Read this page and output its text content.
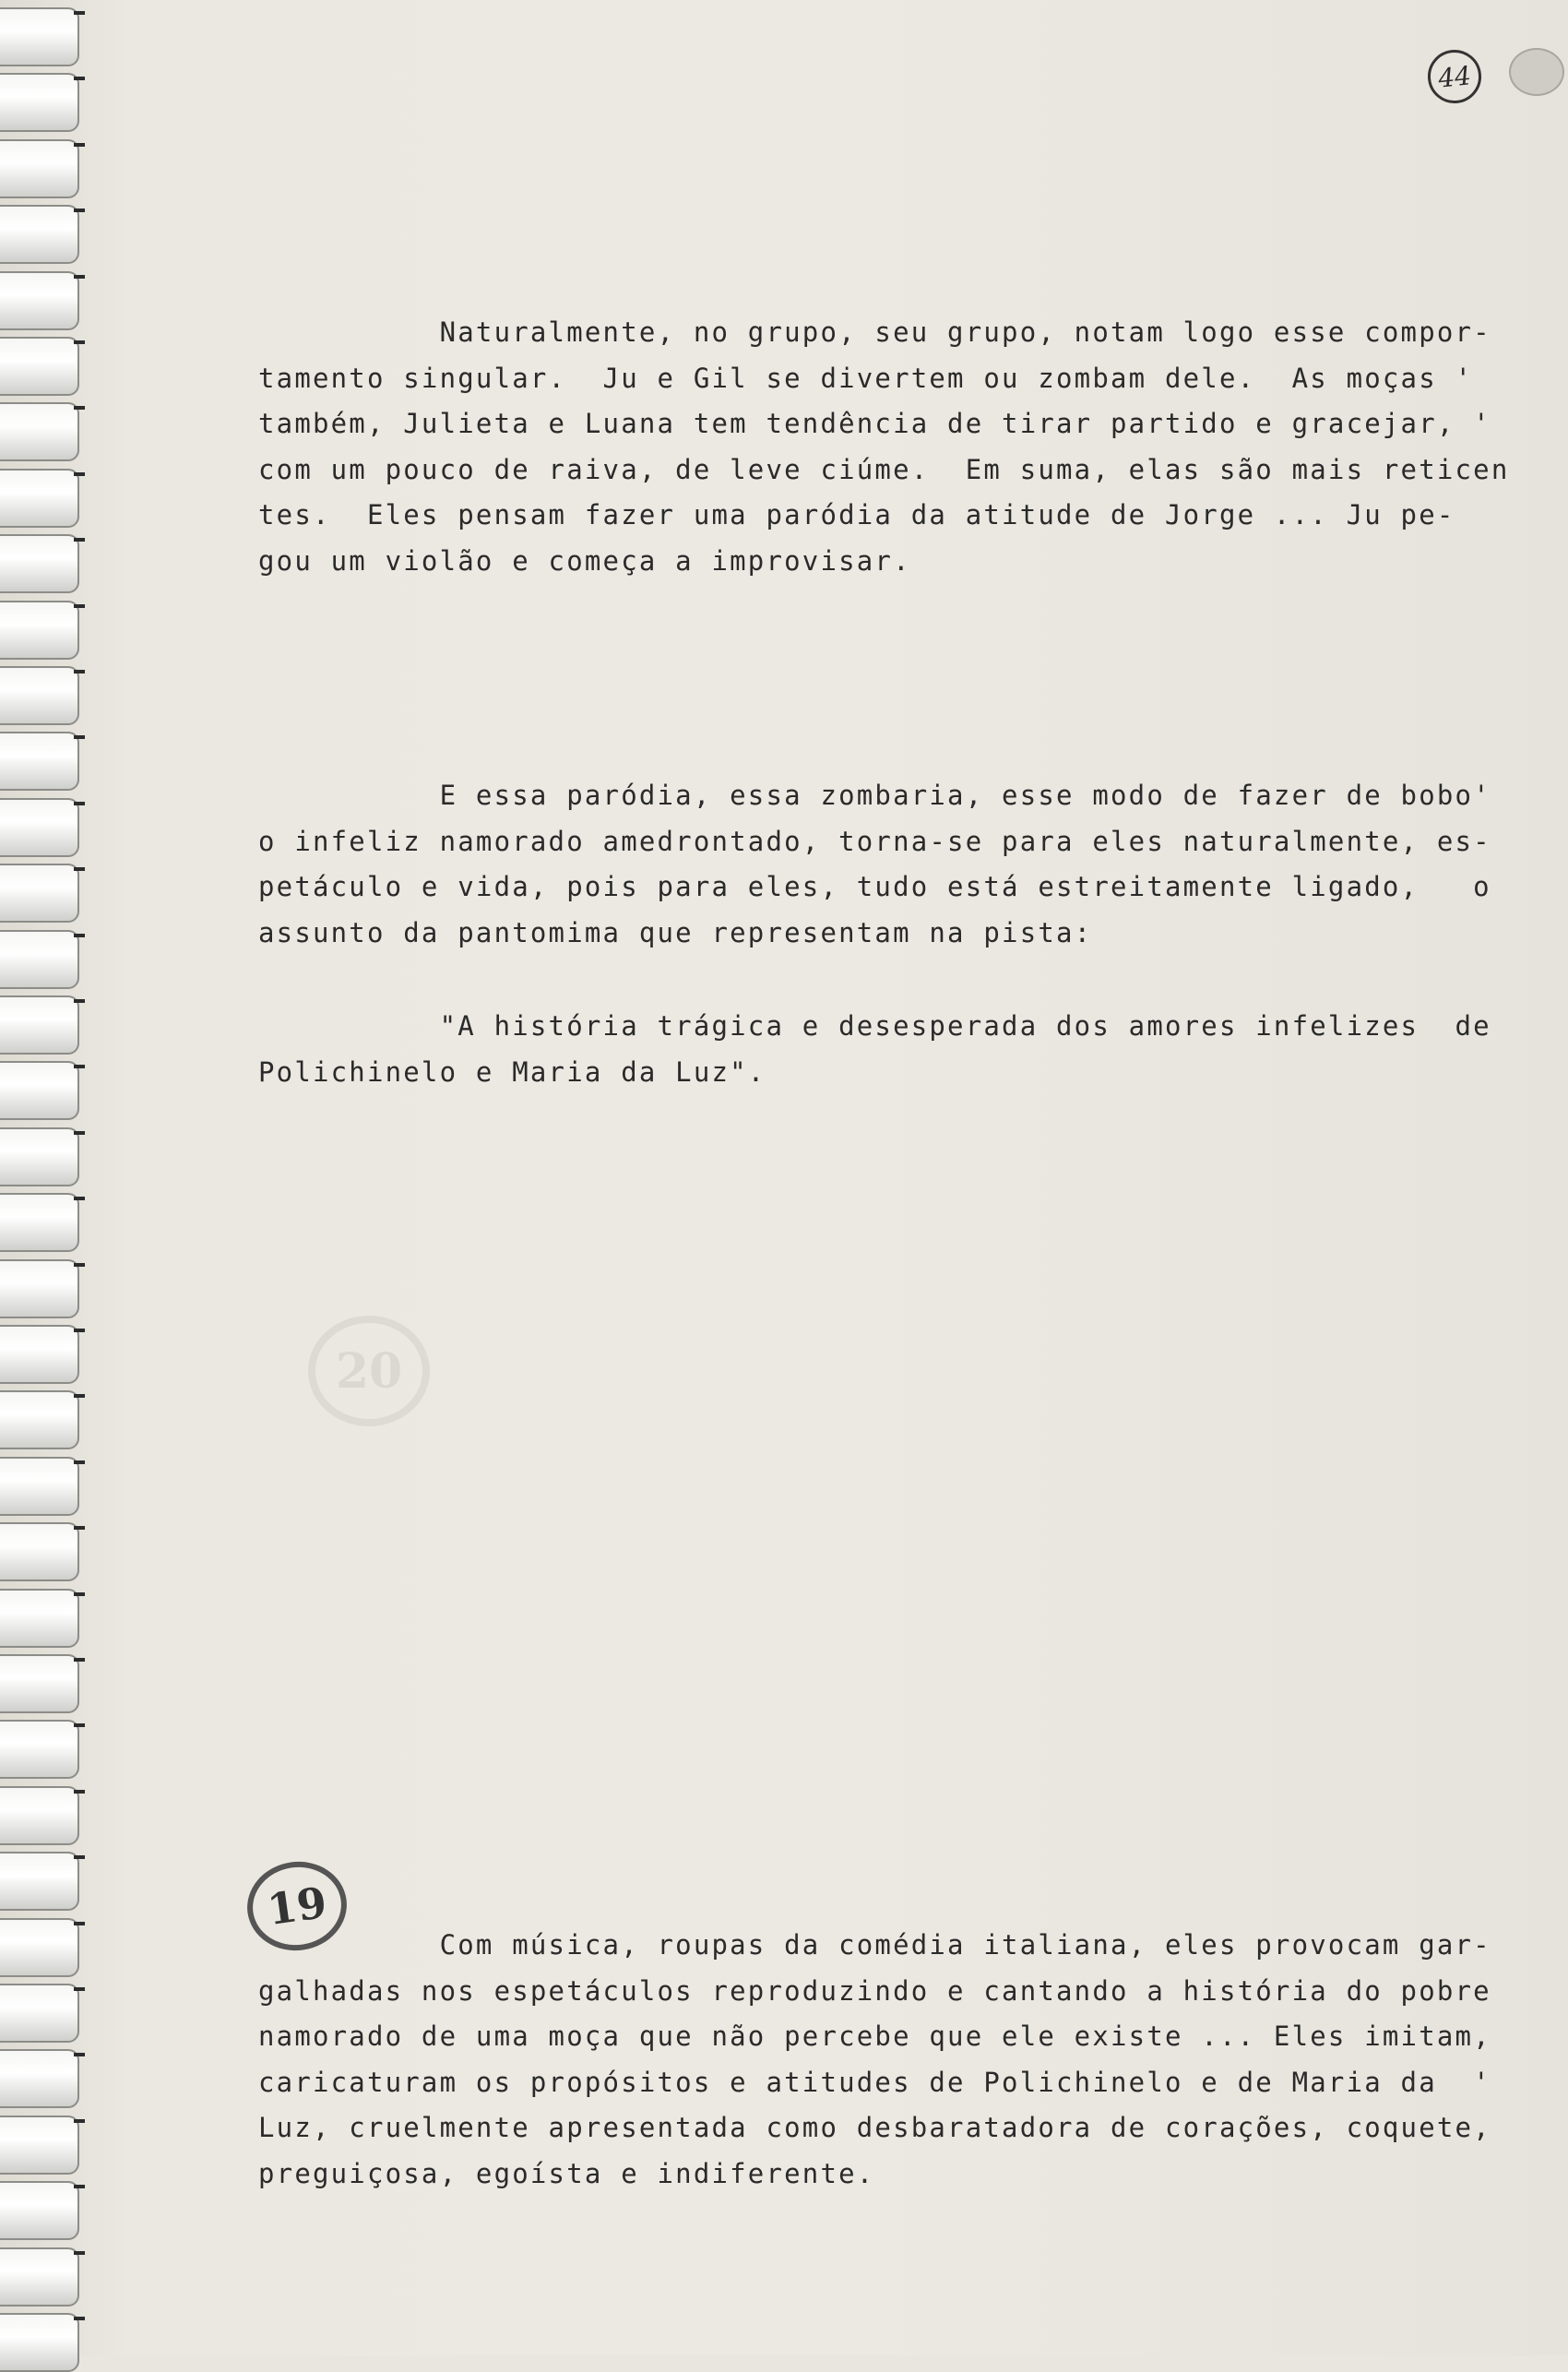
44
20
Naturalmente, no grupo, seu grupo, notam logo esse compor-
tamento singular.  Ju e Gil se divertem ou zombam dele.  As moças '
também, Julieta e Luana tem tendência de tirar partido e gracejar, '
com um pouco de raiva, de leve ciúme.  Em suma, elas são mais reticen
tes.  Eles pensam fazer uma paródia da atitude de Jorge ... Ju pe-
gou um violão e começa a improvisar.
E essa paródia, essa zombaria, esse modo de fazer de bobo'
o infeliz namorado amedrontado, torna-se para eles naturalmente, es-
petáculo e vida, pois para eles, tudo está estreitamente ligado,   o
assunto da pantomima que representam na pista:
"A história trágica e desesperada dos amores infelizes  de
Polichinelo e Maria da Luz".
19
Com música, roupas da comédia italiana, eles provocam gar-
galhadas nos espetáculos reproduzindo e cantando a história do pobre
namorado de uma moça que não percebe que ele existe ... Eles imitam,
caricaturam os propósitos e atitudes de Polichinelo e de Maria da  '
Luz, cruelmente apresentada como desbaratadora de corações, coquete,
preguiçosa, egoísta e indiferente.
